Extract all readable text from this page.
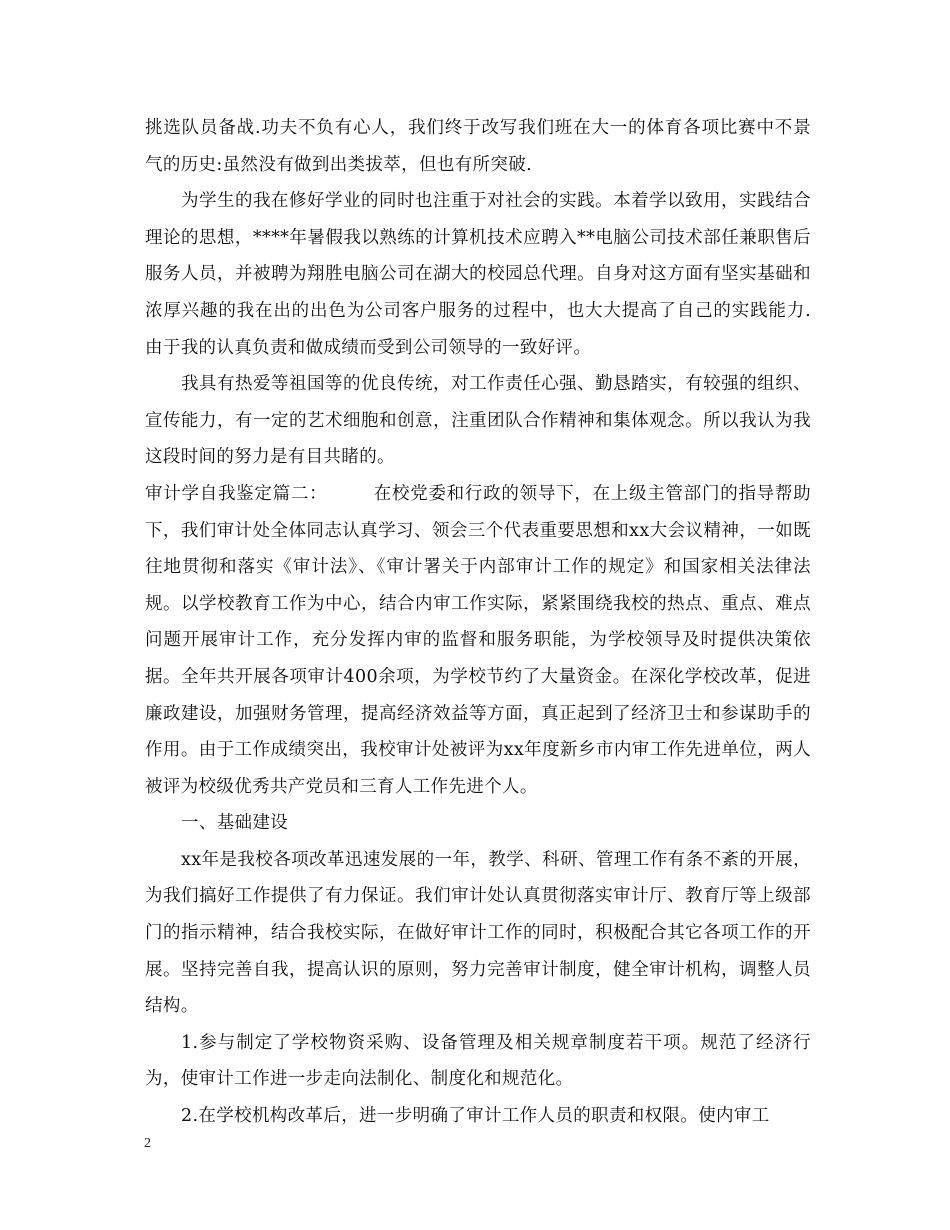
挑选队员备战.功夫不负有心人，我们终于改写我们班在大一的体育各项比赛中不景气的历史:虽然没有做到出类拔萃，但也有所突破.

为学生的我在修好学业的同时也注重于对社会的实践。本着学以致用，实践结合理论的思想，****年暑假我以熟练的计算机技术应聘入**电脑公司技术部任兼职售后服务人员，并被聘为翔胜电脑公司在湖大的校园总代理。自身对这方面有坚实基础和浓厚兴趣的我在出的出色为公司客户服务的过程中，也大大提高了自己的实践能力.由于我的认真负责和做成绩而受到公司领导的一致好评。

我具有热爱等祖国等的优良传统，对工作责任心强、勤恳踏实，有较强的组织、宣传能力，有一定的艺术细胞和创意，注重团队合作精神和集体观念。所以我认为我这段时间的努力是有目共睹的。

审计学自我鉴定篇二：	在校党委和行政的领导下，在上级主管部门的指导帮助下，我们审计处全体同志认真学习、领会三个代表重要思想和xx大会议精神，一如既往地贯彻和落实《审计法》、《审计署关于内部审计工作的规定》和国家相关法律法规。以学校教育工作为中心，结合内审工作实际，紧紧围绕我校的热点、重点、难点问题开展审计工作，充分发挥内审的监督和服务职能，为学校领导及时提供决策依据。全年共开展各项审计400余项，为学校节约了大量资金。在深化学校改革，促进廉政建设，加强财务管理，提高经济效益等方面，真正起到了经济卫士和参谋助手的作用。由于工作成绩突出，我校审计处被评为xx年度新乡市内审工作先进单位，两人被评为校级优秀共产党员和三育人工作先进个人。

一、基础建设

xx年是我校各项改革迅速发展的一年，教学、科研、管理工作有条不紊的开展，为我们搞好工作提供了有力保证。我们审计处认真贯彻落实审计厅、教育厅等上级部门的指示精神，结合我校实际，在做好审计工作的同时，积极配合其它各项工作的开展。坚持完善自我，提高认识的原则，努力完善审计制度，健全审计机构，调整人员结构。

1.参与制定了学校物资采购、设备管理及相关规章制度若干项。规范了经济行为，使审计工作进一步走向法制化、制度化和规范化。

2.在学校机构改革后，进一步明确了审计工作人员的职责和权限。使内审工

2
